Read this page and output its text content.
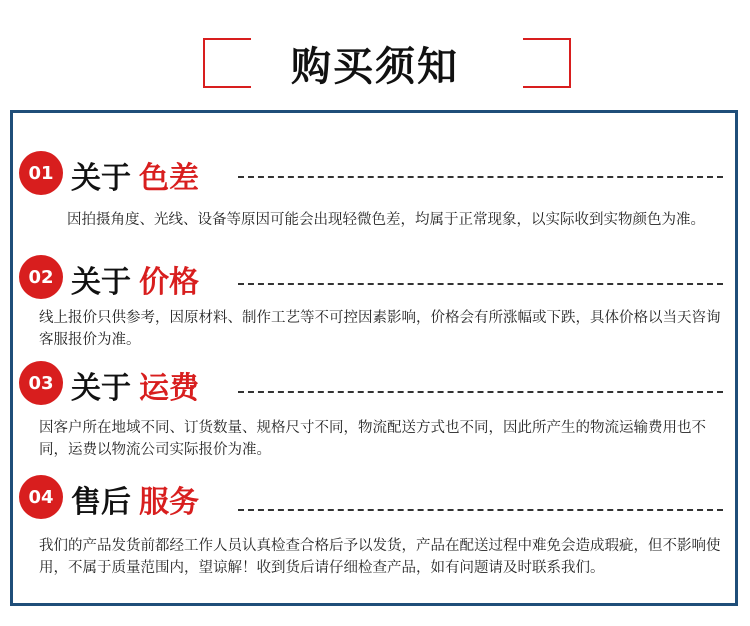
购买须知
01 关于 色差
因拍摄角度、光线、设备等原因可能会出现轻微色差，均属于正常现象，以实际收到实物颜色为准。
02 关于 价格
线上报价只供参考，因原材料、制作工艺等不可控因素影响，价格会有所涨幅或下跌，具体价格以当天咨询客服报价为准。
03 关于 运费
因客户所在地域不同、订货数量、规格尺寸不同，物流配送方式也不同，因此所产生的物流运输费用也不同，运费以物流公司实际报价为准。
04 售后 服务
我们的产品发货前都经工作人员认真检查合格后予以发货，产品在配送过程中难免会造成瑕疵，但不影响使用，不属于质量范围内，望谅解！收到货后请仔细检查产品，如有问题请及时联系我们。
